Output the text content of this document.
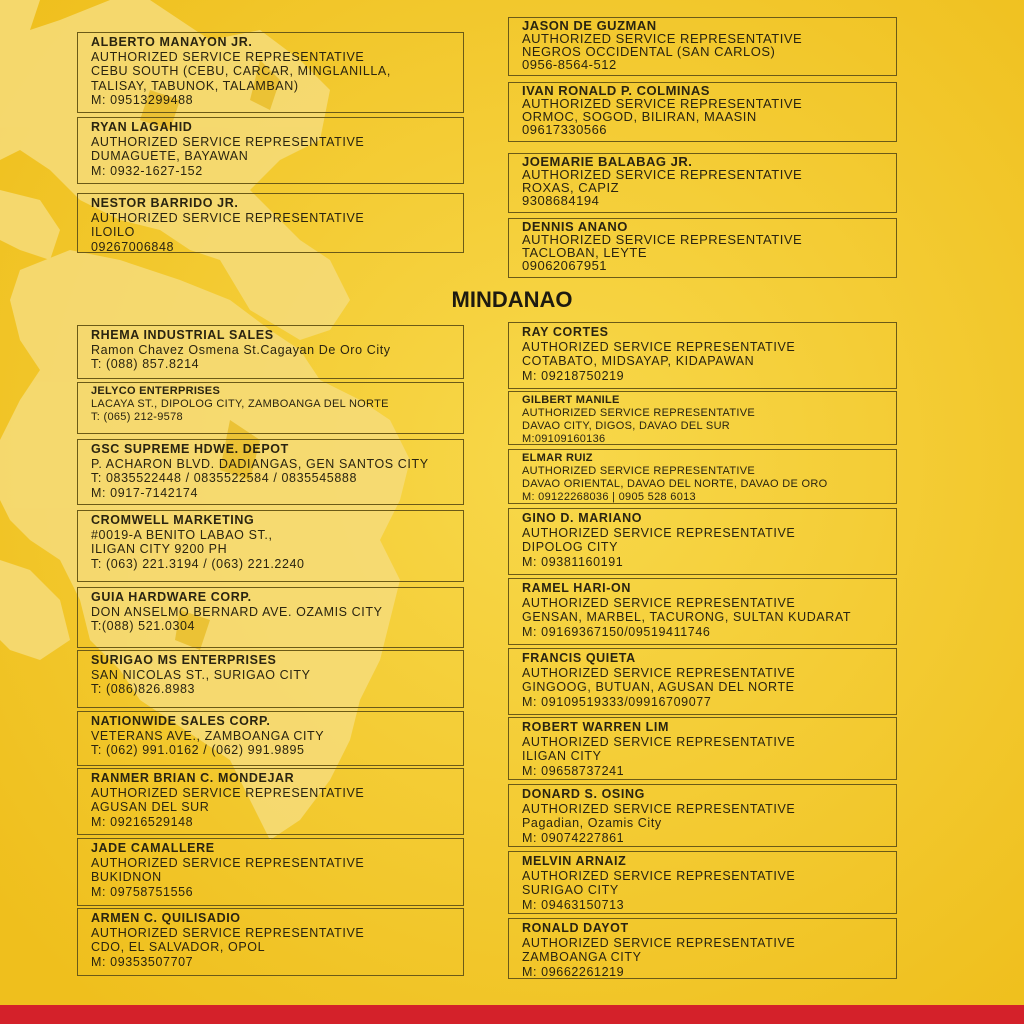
MINDANAO
ALBERTO MANAYON JR.
AUTHORIZED SERVICE REPRESENTATIVE
CEBU SOUTH (CEBU, CARCAR, MINGLANILLA,
TALISAY, TABUNOK, TALAMBAN)
M: 09513299488
RYAN LAGAHID
AUTHORIZED SERVICE REPRESENTATIVE
DUMAGUETE, BAYAWAN
M: 0932-1627-152
NESTOR BARRIDO JR.
AUTHORIZED SERVICE REPRESENTATIVE
ILOILO
09267006848
JASON DE GUZMAN
AUTHORIZED SERVICE REPRESENTATIVE
NEGROS OCCIDENTAL (SAN CARLOS)
0956-8564-512
IVAN RONALD P. COLMINAS
AUTHORIZED SERVICE REPRESENTATIVE
ORMOC, SOGOD, BILIRAN, MAASIN
09617330566
JOEMARIE BALABAG JR.
AUTHORIZED SERVICE REPRESENTATIVE
ROXAS, CAPIZ
9308684194
DENNIS ANANO
AUTHORIZED SERVICE REPRESENTATIVE
TACLOBAN, LEYTE
09062067951
RHEMA INDUSTRIAL SALES
Ramon Chavez Osmena St.Cagayan De Oro City
T: (088) 857.8214
JELYCO ENTERPRISES
LACAYA ST., DIPOLOG CITY, ZAMBOANGA DEL NORTE
T: (065) 212-9578
GSC SUPREME HDWE. DEPOT
P. ACHARON BLVD. DADIANGAS, GEN SANTOS CITY
T: 0835522448 / 0835522584 / 0835545888
M: 0917-7142174
CROMWELL MARKETING
#0019-A BENITO LABAO ST.,
ILIGAN CITY 9200 PH
T: (063) 221.3194 / (063) 221.2240
GUIA HARDWARE CORP.
DON ANSELMO BERNARD AVE. OZAMIS CITY
T:(088) 521.0304
SURIGAO MS ENTERPRISES
SAN NICOLAS ST., SURIGAO CITY
T: (086)826.8983
NATIONWIDE SALES CORP.
VETERANS AVE., ZAMBOANGA CITY
T: (062) 991.0162 / (062) 991.9895
RANMER BRIAN C. MONDEJAR
AUTHORIZED SERVICE REPRESENTATIVE
AGUSAN DEL SUR
M: 09216529148
JADE CAMALLERE
AUTHORIZED SERVICE REPRESENTATIVE
BUKIDNON
M: 09758751556
ARMEN C. QUILISADIO
AUTHORIZED SERVICE REPRESENTATIVE
CDO, EL SALVADOR, OPOL
M: 09353507707
RAY CORTES
AUTHORIZED SERVICE REPRESENTATIVE
COTABATO, MIDSAYAP, KIDAPAWAN
M: 09218750219
GILBERT MANILE
AUTHORIZED SERVICE REPRESENTATIVE
DAVAO CITY, DIGOS, DAVAO DEL SUR
M:09109160136
ELMAR RUIZ
AUTHORIZED SERVICE REPRESENTATIVE
DAVAO ORIENTAL, DAVAO DEL NORTE, DAVAO DE ORO
M: 09122268036 | 0905 528 6013
GINO D. MARIANO
AUTHORIZED SERVICE REPRESENTATIVE
DIPOLOG CITY
M: 09381160191
RAMEL HARI-ON
AUTHORIZED SERVICE REPRESENTATIVE
GENSAN, MARBEL, TACURONG, SULTAN KUDARAT
M: 09169367150/09519411746
FRANCIS QUIETA
AUTHORIZED SERVICE REPRESENTATIVE
GINGOOG, BUTUAN, AGUSAN DEL NORTE
M: 09109519333/09916709077
ROBERT WARREN LIM
AUTHORIZED SERVICE REPRESENTATIVE
ILIGAN CITY
M: 09658737241
DONARD S. OSING
AUTHORIZED SERVICE REPRESENTATIVE
Pagadian, Ozamis City
M: 09074227861
MELVIN ARNAIZ
AUTHORIZED SERVICE REPRESENTATIVE
SURIGAO CITY
M: 09463150713
RONALD DAYOT
AUTHORIZED SERVICE REPRESENTATIVE
ZAMBOANGA CITY
M: 09662261219
